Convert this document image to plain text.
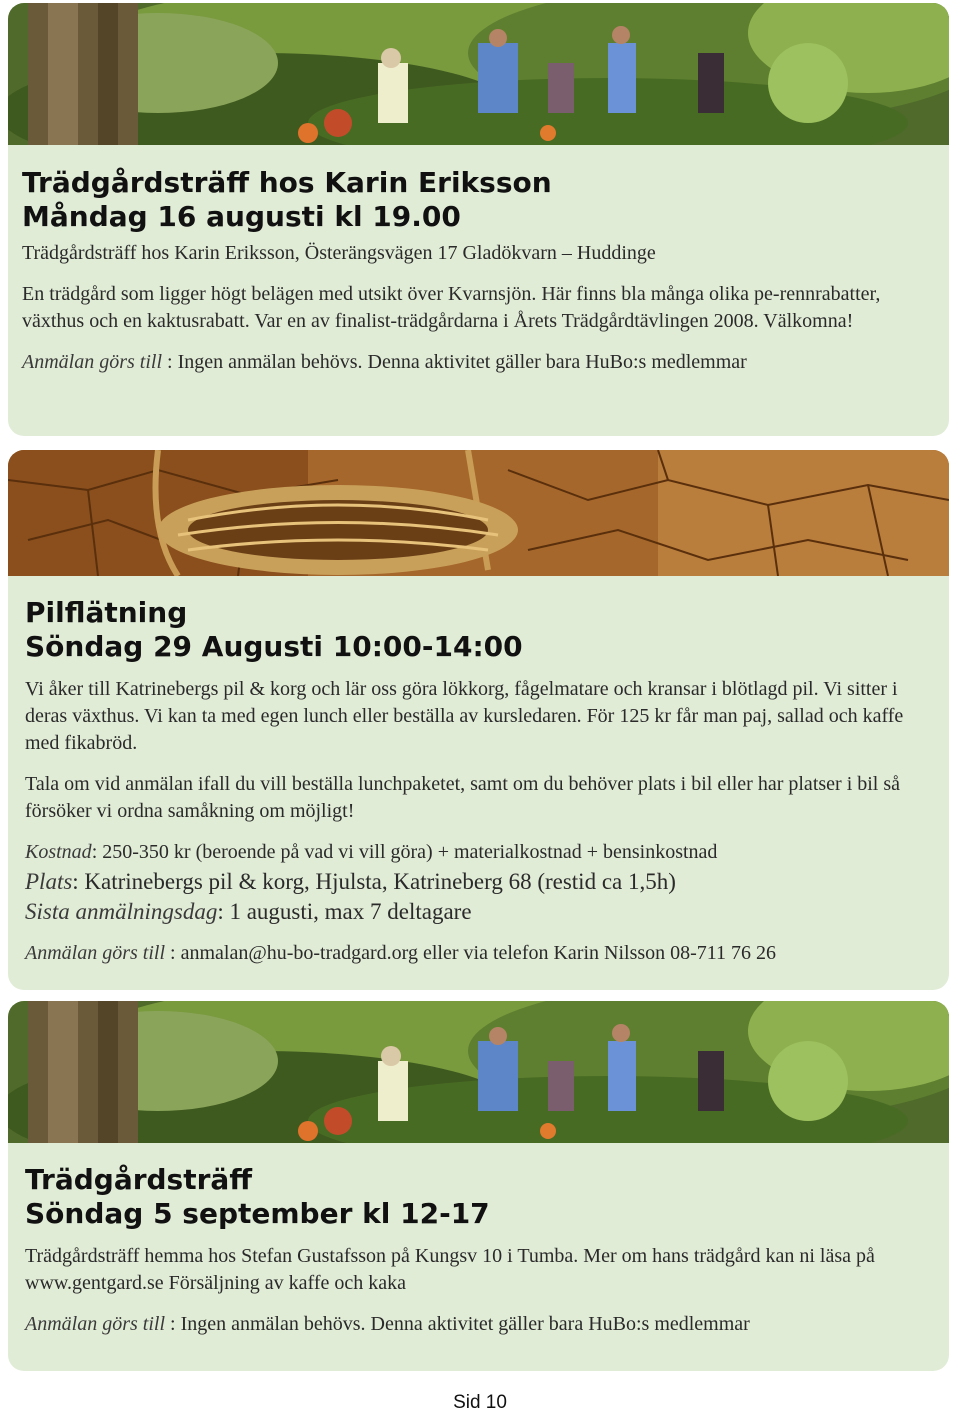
Trädgårdsträff hos Karin Eriksson
Måndag 16 augusti kl 19.00

Trädgårdsträff hos Karin Eriksson, Österängsvägen 17 Gladökvarn – Huddinge

En trädgård som ligger högt belägen med utsikt över Kvarnsjön. Här finns bla många olika pe-rennrabatter, växthus och en kaktusrabatt. Var en av finalist-trädgårdarna i Årets Trädgårdtävlingen 2008. Välkomna!

Anmälan görs till : Ingen anmälan behövs. Denna aktivitet gäller bara HuBo:s medlemmar

Pilflätning
Söndag 29 Augusti 10:00-14:00

Vi åker till Katrinebergs pil & korg och lär oss göra lökkorg, fågelmatare och kransar i blötlagd pil. Vi sitter i deras växthus. Vi kan ta med egen lunch eller beställa av kursledaren. För 125 kr får man paj, sallad och kaffe med fikabröd.

Tala om vid anmälan ifall du vill beställa lunchpaketet, samt om du behöver plats i bil eller har platser i bil så försöker vi ordna samåkning om möjligt!

Kostnad: 250-350 kr (beroende på vad vi vill göra) + materialkostnad + bensinkostnad

Plats: Katrinebergs pil & korg, Hjulsta, Katrineberg 68 (restid ca 1,5h)

Sista anmälningsdag: 1 augusti, max 7 deltagare

Anmälan görs till : anmalan@hu-bo-tradgard.org eller via telefon Karin Nilsson 08-711 76 26

Trädgårdsträff
Söndag 5 september kl 12-17

Trädgårdsträff hemma hos Stefan Gustafsson på Kungsv 10 i Tumba. Mer om hans trädgård kan ni läsa på www.gentgard.se Försäljning av kaffe och kaka

Anmälan görs till : Ingen anmälan behövs. Denna aktivitet gäller bara HuBo:s medlemmar

Sid 10
